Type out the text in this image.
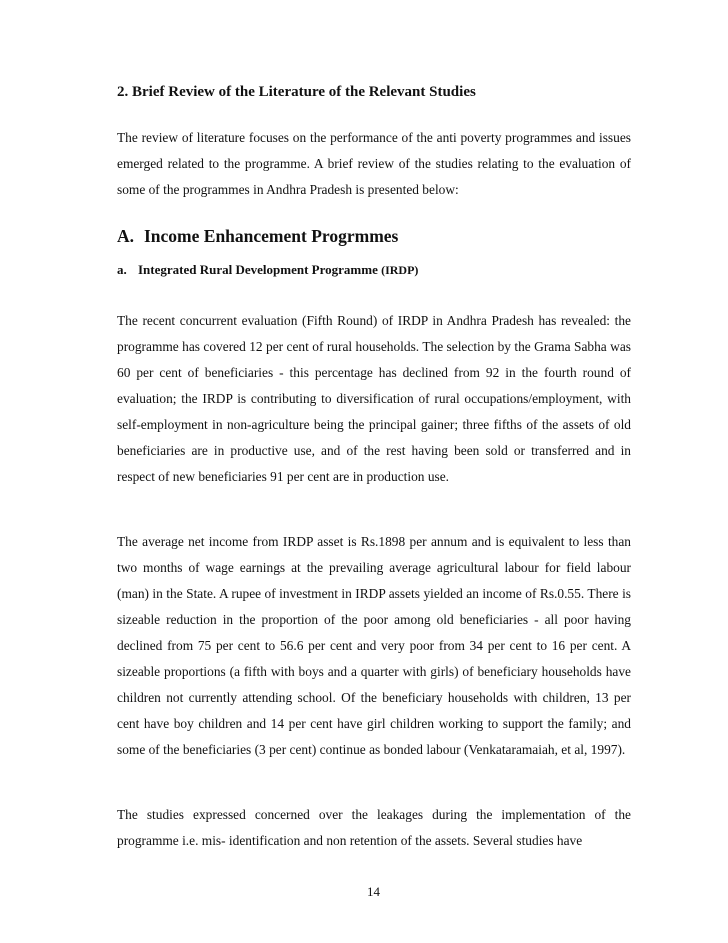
2. Brief Review of the Literature of the Relevant Studies

The review of literature focuses on the performance of the anti poverty programmes and issues emerged related to the programme. A brief review of the studies relating to the evaluation of some of the programmes in Andhra Pradesh is presented below:

A. Income Enhancement Progrmmes
a. Integrated Rural Development Programme (IRDP)

The recent concurrent evaluation (Fifth Round) of IRDP in Andhra Pradesh has revealed: the programme has covered 12 per cent of rural households. The selection by the Grama Sabha was 60 per cent of beneficiaries - this percentage has declined from 92 in the fourth round of evaluation; the IRDP is contributing to diversification of rural occupations/employment, with self-employment in non-agriculture being the principal gainer; three fifths of the assets of old beneficiaries are in productive use, and of the rest having been sold or transferred and in respect of new beneficiaries 91 per cent are in production use.

The average net income from IRDP asset is Rs.1898 per annum and is equivalent to less than two months of wage earnings at the prevailing average agricultural labour for field labour (man) in the State. A rupee of investment in IRDP assets yielded an income of Rs.0.55. There is sizeable reduction in the proportion of the poor among old beneficiaries - all poor having declined from 75 per cent to 56.6 per cent and very poor from 34 per cent to 16 per cent. A sizeable proportions (a fifth with boys and a quarter with girls) of beneficiary households have children not currently attending school. Of the beneficiary households with children, 13 per cent have boy children and 14 per cent have girl children working to support the family; and some of the beneficiaries (3 per cent) continue as bonded labour (Venkataramaiah, et al, 1997).

The studies expressed concerned over the leakages during the implementation of the programme i.e. mis- identification and non retention of the assets. Several studies have

14
